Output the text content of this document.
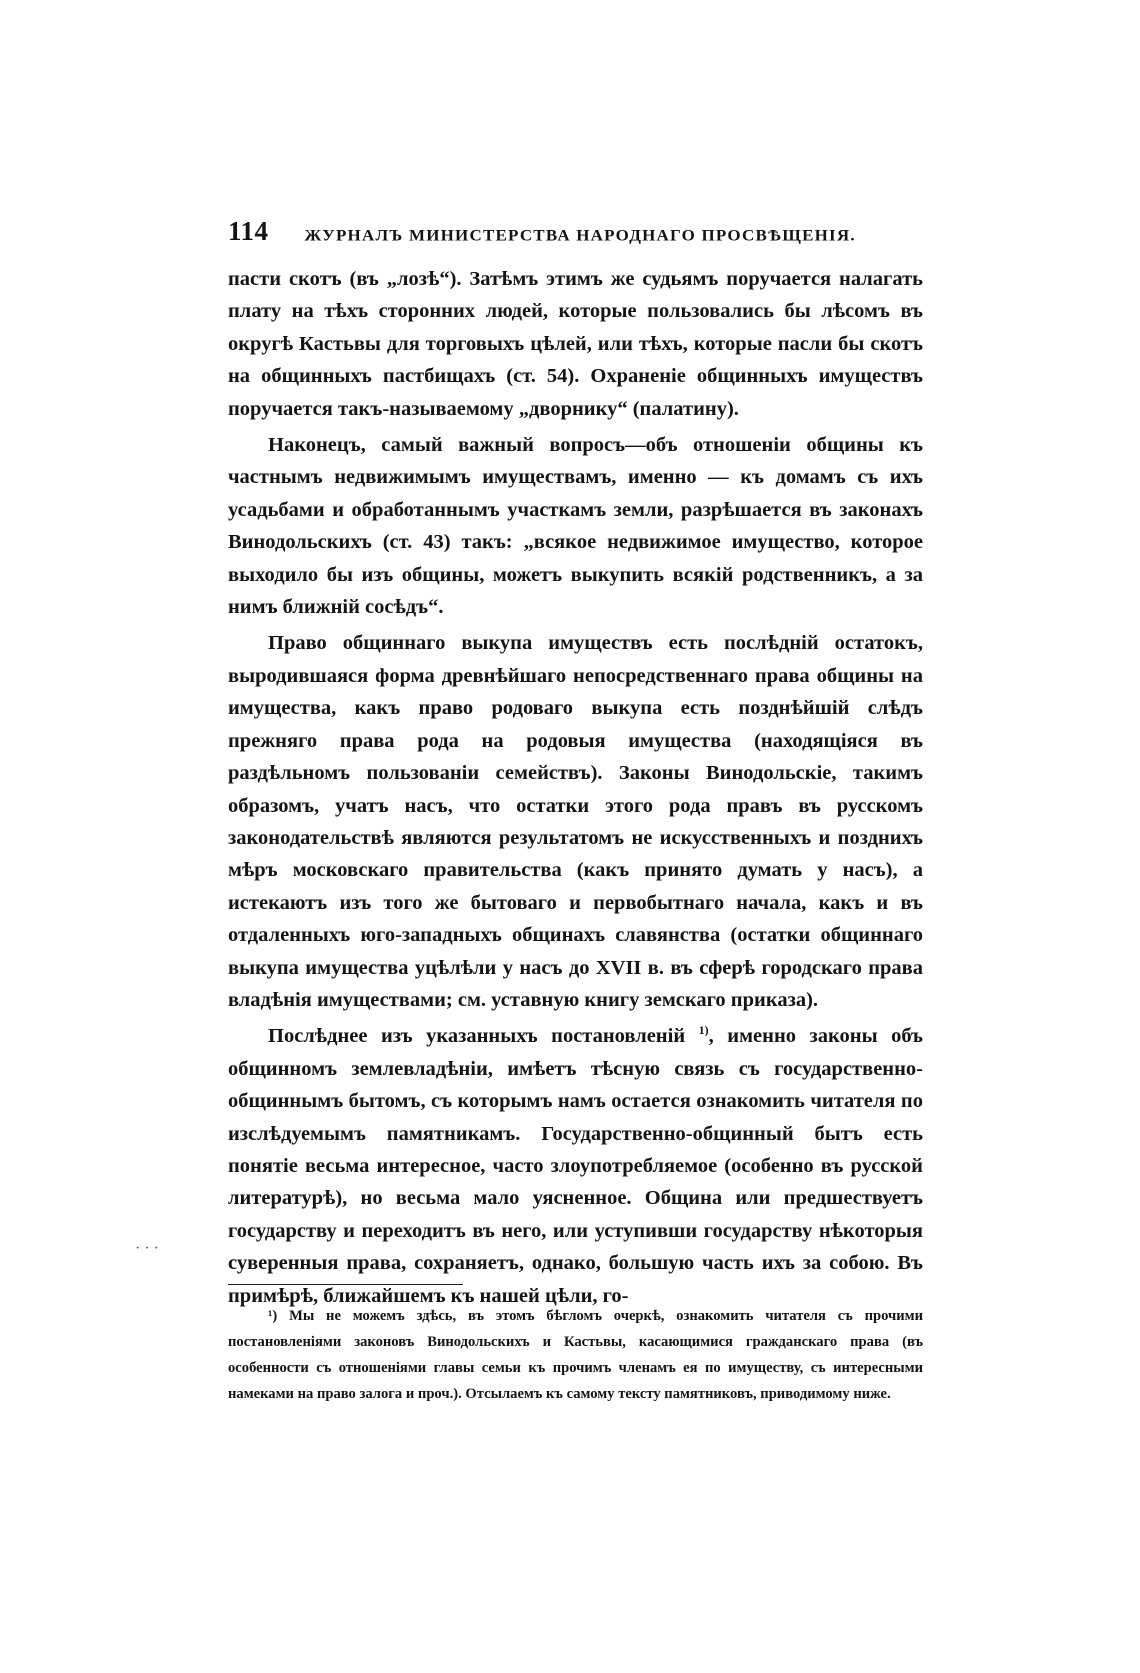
114 ЖУРНАЛЪ МИНИСТЕРСТВА НАРОДНАГО ПРОСВѢЩЕНІЯ.

пасти скотъ (въ „лозѣ“). Затѣмъ этимъ же судьямъ поручается налагать плату на тѣхъ сторонних людей, которые пользовались бы лѣсомъ въ округѣ Кастьвы для торговыхъ цѣлей, или тѣхъ, которые пасли бы скотъ на общинныхъ пастбищахъ (ст. 54). Охраненіе общинныхъ имуществъ поручается такъ-называемому „дворнику“ (палатину).

Наконецъ, самый важный вопросъ—объ отношеніи общины къ частнымъ недвижимымъ имуществамъ, именно — къ домамъ съ ихъ усадьбами и обработаннымъ участкамъ земли, разрѣшается въ законахъ Винодольскихъ (ст. 43) такъ: „всякое недвижимое имущество, которое выходило бы изъ общины, можетъ выкупить всякій родственникъ, а за нимъ ближній сосѣдъ“.

Право общиннаго выкупа имуществъ есть послѣдній остатокъ, выродившаяся форма древнѣйшаго непосредственнаго права общины на имущества, какъ право родоваго выкупа есть позднѣйшій слѣдъ прежняго права рода на родовыя имущества (находящіяся въ раздѣльномъ пользованіи семействъ). Законы Винодольскіе, такимъ образомъ, учатъ насъ, что остатки этого рода правъ въ русскомъ законодательствѣ являются результатомъ не искусственныхъ и позднихъ мѣръ московскаго правительства (какъ принято думать у насъ), а истекаютъ изъ того же бытоваго и первобытнаго начала, какъ и въ отдаленныхъ юго-западныхъ общинахъ славянства (остатки общиннаго выкупа имущества уцѣлѣли у насъ до XVII в. въ сферѣ городскаго права владѣнія имуществами; см. уставную книгу земскаго приказа).

Послѣднее изъ указанныхъ постановленій $^{1)}$, именно законы объ общинномъ землевладѣніи, имѣетъ тѣсную связь съ государственно-общиннымъ бытомъ, съ которымъ намъ остается ознакомить читателя по изслѣдуемымъ памятникамъ. Государственно-общинный бытъ есть понятіе весьма интересное, часто злоупотребляемое (особенно въ русской литературѣ), но весьма мало уясненное. Община или предшествуетъ государству и переходитъ въ него, или уступивши государству нѣкоторыя суверенныя права, сохраняетъ, однако, большую часть ихъ за собою. Въ примѣрѣ, ближайшемъ къ нашей цѣли, го-

· · ·

¹) Мы не можемъ здѣсь, въ этомъ бѣгломъ очеркѣ, ознакомить читателя съ прочими постановленіями законовъ Винодольскихъ и Кастьвы, касающимися гражданскаго права (въ особенности съ отношеніями главы семьи къ прочимъ членамъ ея по имуществу, съ интересными намеками на право залога и проч.). Отсылаемъ къ самому тексту памятниковъ, приводимому ниже.
